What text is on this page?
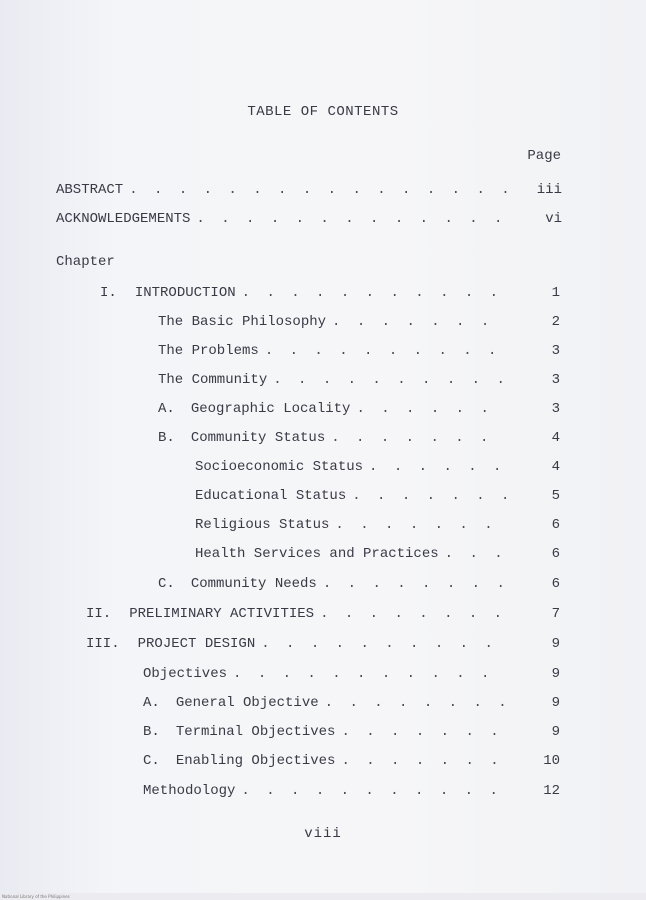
TABLE OF CONTENTS
Page
ABSTRACT . . .	iii
ACKNOWLEDGEMENTS . . .	vi
Chapter
I. INTRODUCTION . . .	1
The Basic Philosophy . . .	2
The Problems . . .	3
The Community . . .	3
A. Geographic Locality . . .	3
B. Community Status . . .	4
Socioeconomic Status . . .	4
Educational Status . . .	5
Religious Status . . .	6
Health Services and Practices . . .	6
C. Community Needs . . .	6
II. PRELIMINARY ACTIVITIES . . .	7
III. PROJECT DESIGN . . .	9
Objectives . . .	9
A. General Objective . . .	9
B. Terminal Objectives . . .	9
C. Enabling Objectives . . .	10
Methodology . . .	12
viii
National Library of the Philippines
